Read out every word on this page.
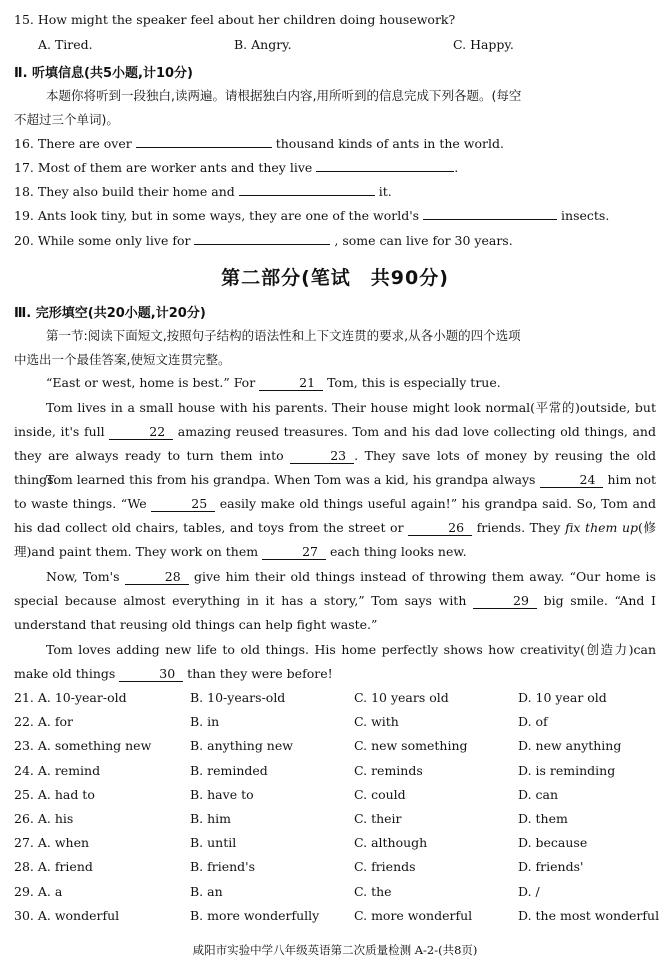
15. How might the speaker feel about her children doing housework?
A. Tired.	B. Angry.	C. Happy.
Ⅱ. 听填信息(共5小题,计10分)
本题你将听到一段独白,读两遍。请根据独白内容,用所听到的信息完成下列各题。(每空
不超过三个单词)。
16. There are over	thousand kinds of ants in the world.
17. Most of them are worker ants and they live	.
18. They also build their home and	it.
19. Ants look tiny, but in some ways, they are one of the world's	insects.
20. While some only live for	, some can live for 30 years.
第二部分(笔试　共90分)
Ⅲ. 完形填空(共20小题,计20分)
第一节:阅读下面短文,按照句子结构的语法性和上下文连贯的要求,从各小题的四个选项
中选出一个最佳答案,使短文连贯完整。
“East or west, home is best.” For	21 Tom, this is especially true.
Tom lives in a small house with his parents. Their house might look normal(平常的)outside, but inside, it's full	22 amazing reused treasures. Tom and his dad love collecting old things, and they are always ready to turn them into	23 . They save lots of money by reusing the old things.
Tom learned this from his grandpa. When Tom was a kid, his grandpa always	24 him not to waste things. “We	25 easily make old things useful again!” his grandpa said. So, Tom and his dad collect old chairs, tables, and toys from the street or	26 friends. They fix them up(修理)and paint them. They work on them	27 each thing looks new.
Now, Tom's	28 give him their old things instead of throwing them away. “Our home is special because almost everything in it has a story,” Tom says with	29 big smile. “And I understand that reusing old things can help fight waste.”
Tom loves adding new life to old things. His home perfectly shows how creativity(创造力)can make old things	30 than they were before!
21. A. 10-year-old	B. 10-years-old	C. 10 years old	D. 10 year old
22. A. for	B. in	C. with	D. of
23. A. something new	B. anything new	C. new something	D. new anything
24. A. remind	B. reminded	C. reminds	D. is reminding
25. A. had to	B. have to	C. could	D. can
26. A. his	B. him	C. their	D. them
27. A. when	B. until	C. although	D. because
28. A. friend	B. friend's	C. friends	D. friends'
29. A. a	B. an	C. the	D. /
30. A. wonderful	B. more wonderfully	C. more wonderful	D. the most wonderful
咸阳市实验中学八年级英语第二次质量检测 A-2-(共8页)
